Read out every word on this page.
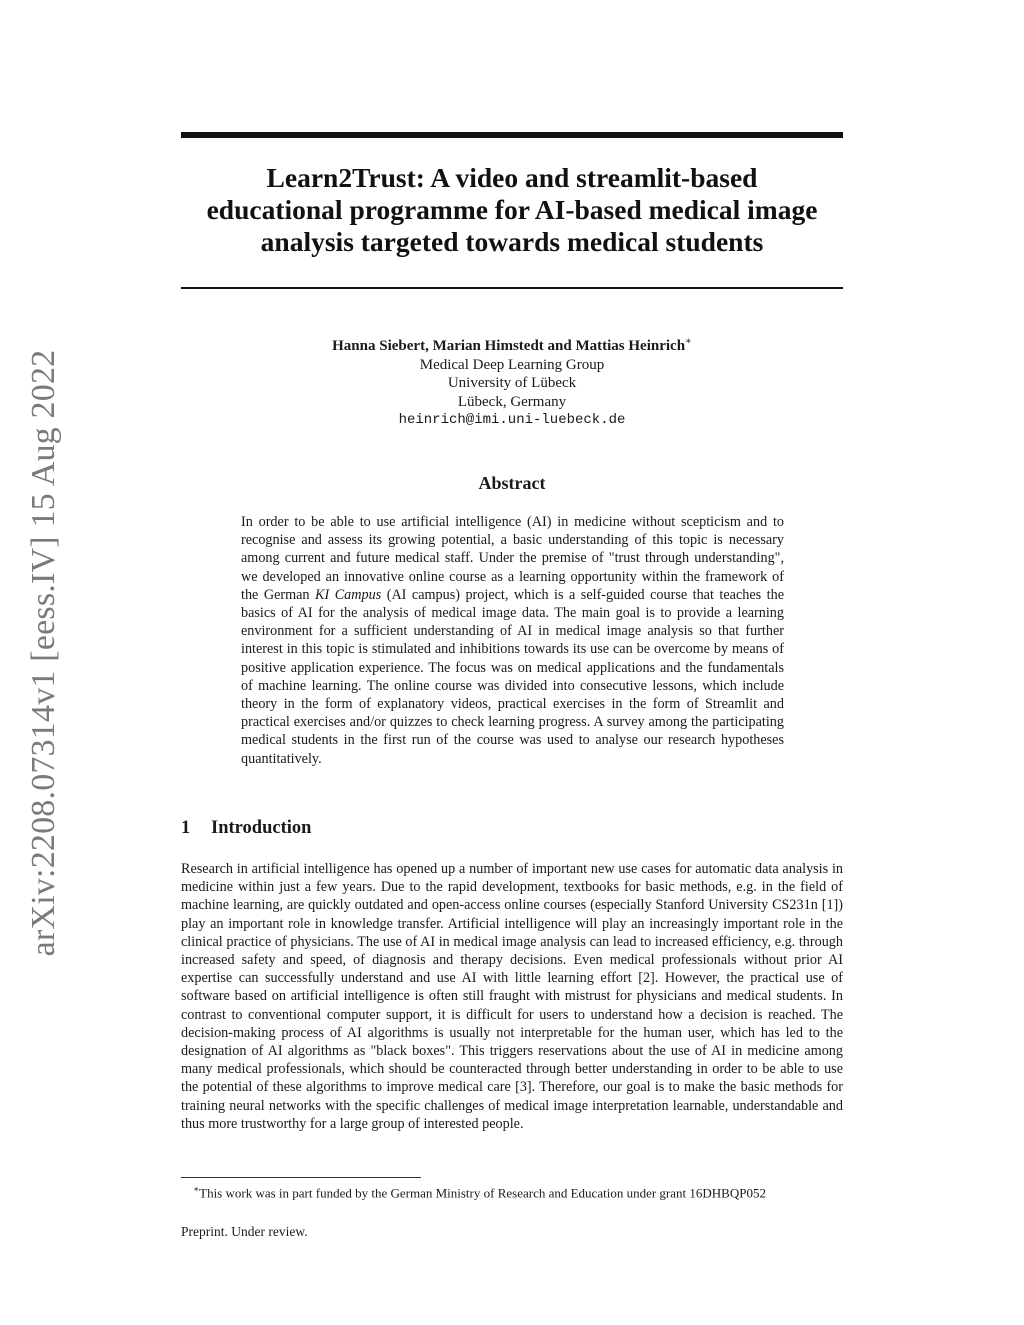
arXiv:2208.07314v1 [eess.IV] 15 Aug 2022
Learn2Trust: A video and streamlit-based
educational programme for AI-based medical image
analysis targeted towards medical students
Hanna Siebert, Marian Himstedt and Mattias Heinrich∗
Medical Deep Learning Group
University of Lübeck
Lübeck, Germany
heinrich@imi.uni-luebeck.de
Abstract

In order to be able to use artificial intelligence (AI) in medicine without scepticism and to recognise and assess its growing potential, a basic understanding of this topic is necessary among current and future medical staff. Under the premise of "trust through understanding", we developed an innovative online course as a learning opportunity within the framework of the German KI Campus (AI campus) project, which is a self-guided course that teaches the basics of AI for the analysis of medical image data. The main goal is to provide a learning environment for a sufficient understanding of AI in medical image analysis so that further interest in this topic is stimulated and inhibitions towards its use can be overcome by means of positive application experience. The focus was on medical applications and the fundamentals of machine learning. The online course was divided into consecutive lessons, which include theory in the form of explanatory videos, practical exercises in the form of Streamlit and practical exercises and/or quizzes to check learning progress. A survey among the participating medical students in the first run of the course was used to analyse our research hypotheses quantitatively.

1 Introduction

Research in artificial intelligence has opened up a number of important new use cases for automatic data analysis in medicine within just a few years. Due to the rapid development, textbooks for basic methods, e.g. in the field of machine learning, are quickly outdated and open-access online courses (especially Stanford University CS231n [1]) play an important role in knowledge transfer. Artificial intelligence will play an increasingly important role in the clinical practice of physicians. The use of AI in medical image analysis can lead to increased efficiency, e.g. through increased safety and speed, of diagnosis and therapy decisions. Even medical professionals without prior AI expertise can successfully understand and use AI with little learning effort [2]. However, the practical use of software based on artificial intelligence is often still fraught with mistrust for physicians and medical students. In contrast to conventional computer support, it is difficult for users to understand how a decision is reached. The decision-making process of AI algorithms is usually not interpretable for the human user, which has led to the designation of AI algorithms as "black boxes". This triggers reservations about the use of AI in medicine among many medical professionals, which should be counteracted through better understanding in order to be able to use the potential of these algorithms to improve medical care [3]. Therefore, our goal is to make the basic methods for training neural networks with the specific challenges of medical image interpretation learnable, understandable and thus more trustworthy for a large group of interested people.

∗This work was in part funded by the German Ministry of Research and Education under grant 16DHBQP052

Preprint. Under review.
